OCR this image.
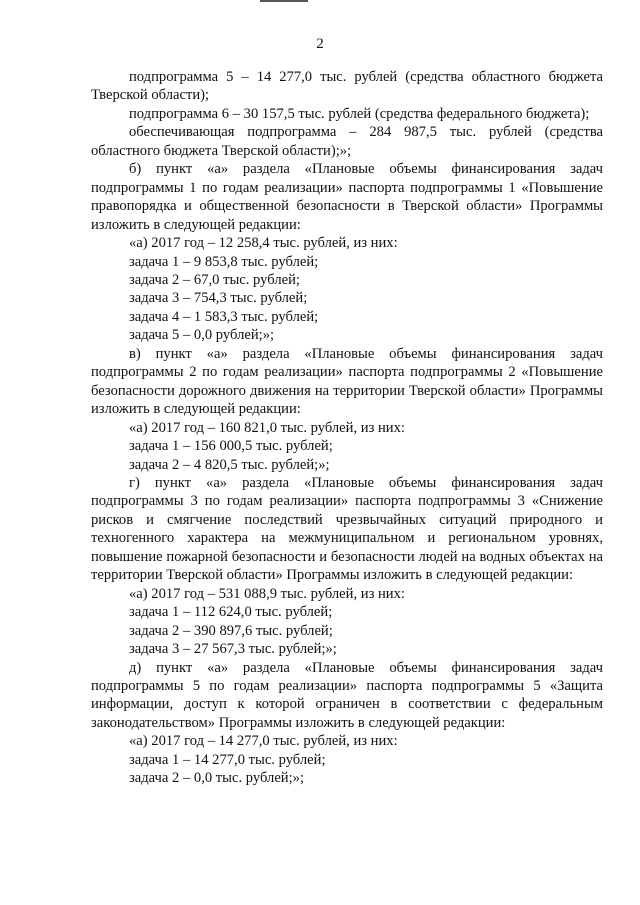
2

подпрограмма 5 – 14 277,0 тыс. рублей (средства областного бюджета Тверской области);

подпрограмма 6 – 30 157,5 тыс. рублей (средства федерального бюджета);

обеспечивающая подпрограмма – 284 987,5 тыс. рублей (средства областного бюджета Тверской области);»;

б) пункт «а» раздела «Плановые объемы финансирования задач подпрограммы 1 по годам реализации» паспорта подпрограммы 1 «Повышение правопорядка и общественной безопасности в Тверской области» Программы изложить в следующей редакции:

«а) 2017 год – 12 258,4 тыс. рублей, из них:

задача 1 – 9 853,8 тыс. рублей;

задача 2 – 67,0 тыс. рублей;

задача 3 – 754,3 тыс. рублей;

задача 4 – 1 583,3 тыс. рублей;

задача 5 – 0,0 рублей;»;

в) пункт «а» раздела «Плановые объемы финансирования задач подпрограммы 2 по годам реализации» паспорта подпрограммы 2 «Повышение безопасности дорожного движения на территории Тверской области» Программы изложить в следующей редакции:

«а) 2017 год – 160 821,0 тыс. рублей, из них:

задача 1 – 156 000,5 тыс. рублей;

задача 2 – 4 820,5 тыс. рублей;»;

г) пункт «а» раздела «Плановые объемы финансирования задач подпрограммы 3 по годам реализации» паспорта подпрограммы 3 «Снижение рисков и смягчение последствий чрезвычайных ситуаций природного и техногенного характера на межмуниципальном и региональном уровнях, повышение пожарной безопасности и безопасности людей на водных объектах на территории Тверской области» Программы изложить в следующей редакции:

«а) 2017 год – 531 088,9 тыс. рублей, из них:

задача 1 – 112 624,0 тыс. рублей;

задача 2 – 390 897,6 тыс. рублей;

задача 3 – 27 567,3 тыс. рублей;»;

д) пункт «а» раздела «Плановые объемы финансирования задач подпрограммы 5 по годам реализации» паспорта подпрограммы 5 «Защита информации, доступ к которой ограничен в соответствии с федеральным законодательством» Программы изложить в следующей редакции:

«а) 2017 год – 14 277,0 тыс. рублей, из них:

задача 1 – 14 277,0 тыс. рублей;

задача 2 – 0,0 тыс. рублей;»;
